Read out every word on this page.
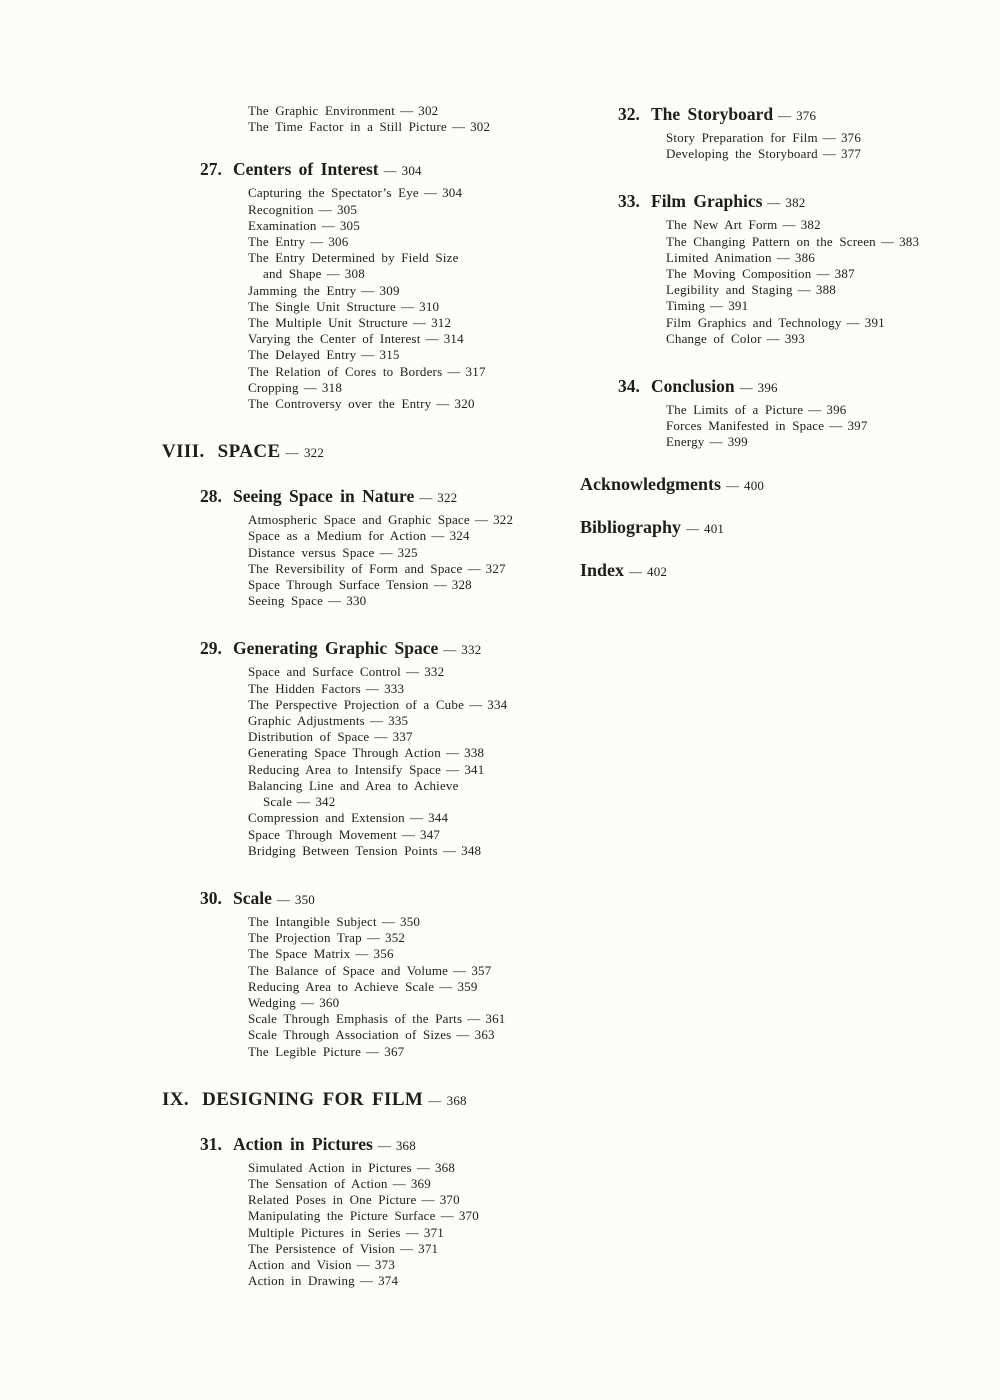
The Graphic Environment — 302
The Time Factor in a Still Picture — 302
27. Centers of Interest — 304
Capturing the Spectator’s Eye — 304
Recognition — 305
Examination — 305
The Entry — 306
The Entry Determined by Field Size
and Shape — 308
Jamming the Entry — 309
The Single Unit Structure — 310
The Multiple Unit Structure — 312
Varying the Center of Interest — 314
The Delayed Entry — 315
The Relation of Cores to Borders — 317
Cropping — 318
The Controversy over the Entry — 320
VIII. SPACE — 322
28. Seeing Space in Nature — 322
Atmospheric Space and Graphic Space — 322
Space as a Medium for Action — 324
Distance versus Space — 325
The Reversibility of Form and Space — 327
Space Through Surface Tension — 328
Seeing Space — 330
29. Generating Graphic Space — 332
Space and Surface Control — 332
The Hidden Factors — 333
The Perspective Projection of a Cube — 334
Graphic Adjustments — 335
Distribution of Space — 337
Generating Space Through Action — 338
Reducing Area to Intensify Space — 341
Balancing Line and Area to Achieve
Scale — 342
Compression and Extension — 344
Space Through Movement — 347
Bridging Between Tension Points — 348
30. Scale — 350
The Intangible Subject — 350
The Projection Trap — 352
The Space Matrix — 356
The Balance of Space and Volume — 357
Reducing Area to Achieve Scale — 359
Wedging — 360
Scale Through Emphasis of the Parts — 361
Scale Through Association of Sizes — 363
The Legible Picture — 367
IX. DESIGNING FOR FILM — 368
31. Action in Pictures — 368
Simulated Action in Pictures — 368
The Sensation of Action — 369
Related Poses in One Picture — 370
Manipulating the Picture Surface — 370
Multiple Pictures in Series — 371
The Persistence of Vision — 371
Action and Vision — 373
Action in Drawing — 374
32. The Storyboard — 376
Story Preparation for Film — 376
Developing the Storyboard — 377
33. Film Graphics — 382
The New Art Form — 382
The Changing Pattern on the Screen — 383
Limited Animation — 386
The Moving Composition — 387
Legibility and Staging — 388
Timing — 391
Film Graphics and Technology — 391
Change of Color — 393
34. Conclusion — 396
The Limits of a Picture — 396
Forces Manifested in Space — 397
Energy — 399
Acknowledgments — 400
Bibliography — 401
Index — 402
